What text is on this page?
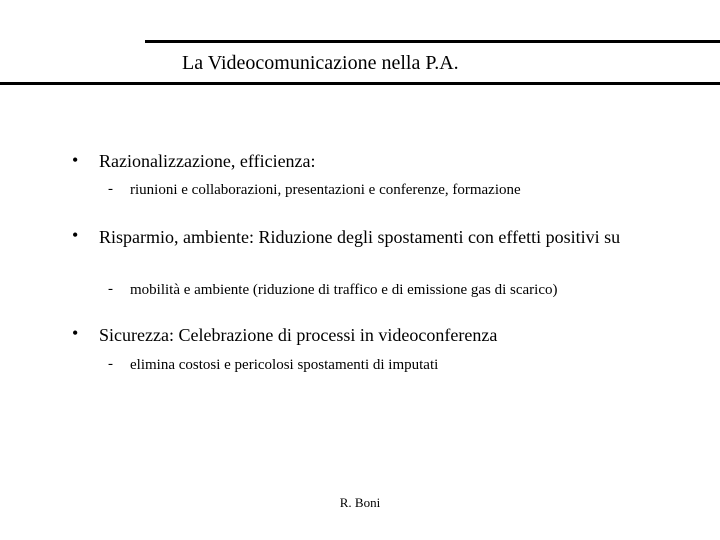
La Videocomunicazione nella P.A.
• Razionalizzazione, efficienza:
- riunioni e collaborazioni, presentazioni e conferenze, formazione
• Risparmio, ambiente: Riduzione degli spostamenti con effetti positivi su
- mobilità e ambiente (riduzione di traffico e di emissione gas di scarico)
• Sicurezza: Celebrazione di processi in videoconferenza
- elimina costosi e pericolosi spostamenti di imputati
R. Boni
